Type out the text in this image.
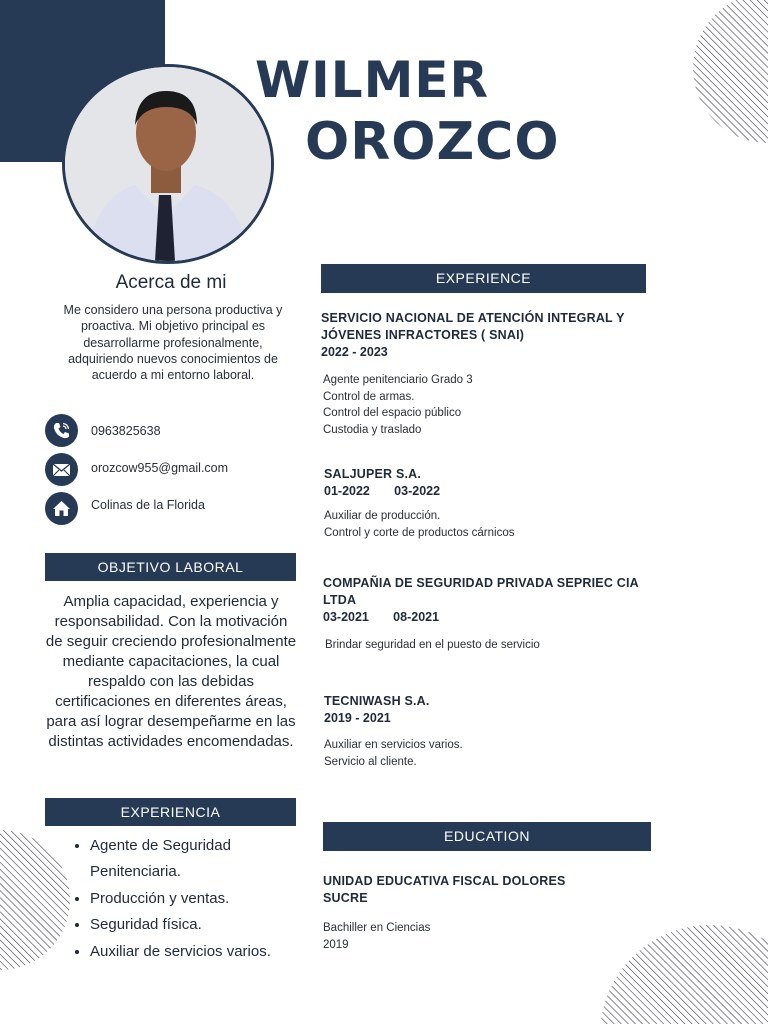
WILMER
OROZCO
Acerca de mi
Me considero una persona productiva y proactiva. Mi objetivo principal es desarrollarme profesionalmente, adquiriendo nuevos conocimientos de acuerdo a mi entorno laboral.
0963825638
orozcow955@gmail.com
Colinas de la Florida
OBJETIVO LABORAL
Amplia capacidad, experiencia y responsabilidad. Con la motivación de seguir creciendo profesionalmente mediante capacitaciones, la cual respaldo con las debidas certificaciones en diferentes áreas, para así lograr desempeñarme en las distintas actividades encomendadas.
EXPERIENCIA
• Agente de Seguridad Penitenciaria.
• Producción y ventas.
• Seguridad física.
• Auxiliar de servicios varios.
EXPERIENCE
SERVICIO NACIONAL DE ATENCIÓN INTEGRAL Y JÓVENES INFRACTORES ( SNAI)
2022 - 2023
Agente penitenciario Grado 3
Control de armas.
Control del espacio público
Custodia y traslado
SALJUPER S.A.
01-2022       03-2022
Auxiliar de producción.
Control y corte de productos cárnicos
COMPAÑIA DE SEGURIDAD PRIVADA SEPRIEC CIA LTDA
03-2021       08-2021
Brindar seguridad en el puesto de servicio
TECNIWASH S.A.
2019 - 2021
Auxiliar en servicios varios.
Servicio al cliente.
EDUCATION
UNIDAD EDUCATIVA FISCAL DOLORES SUCRE
Bachiller en Ciencias
2019
